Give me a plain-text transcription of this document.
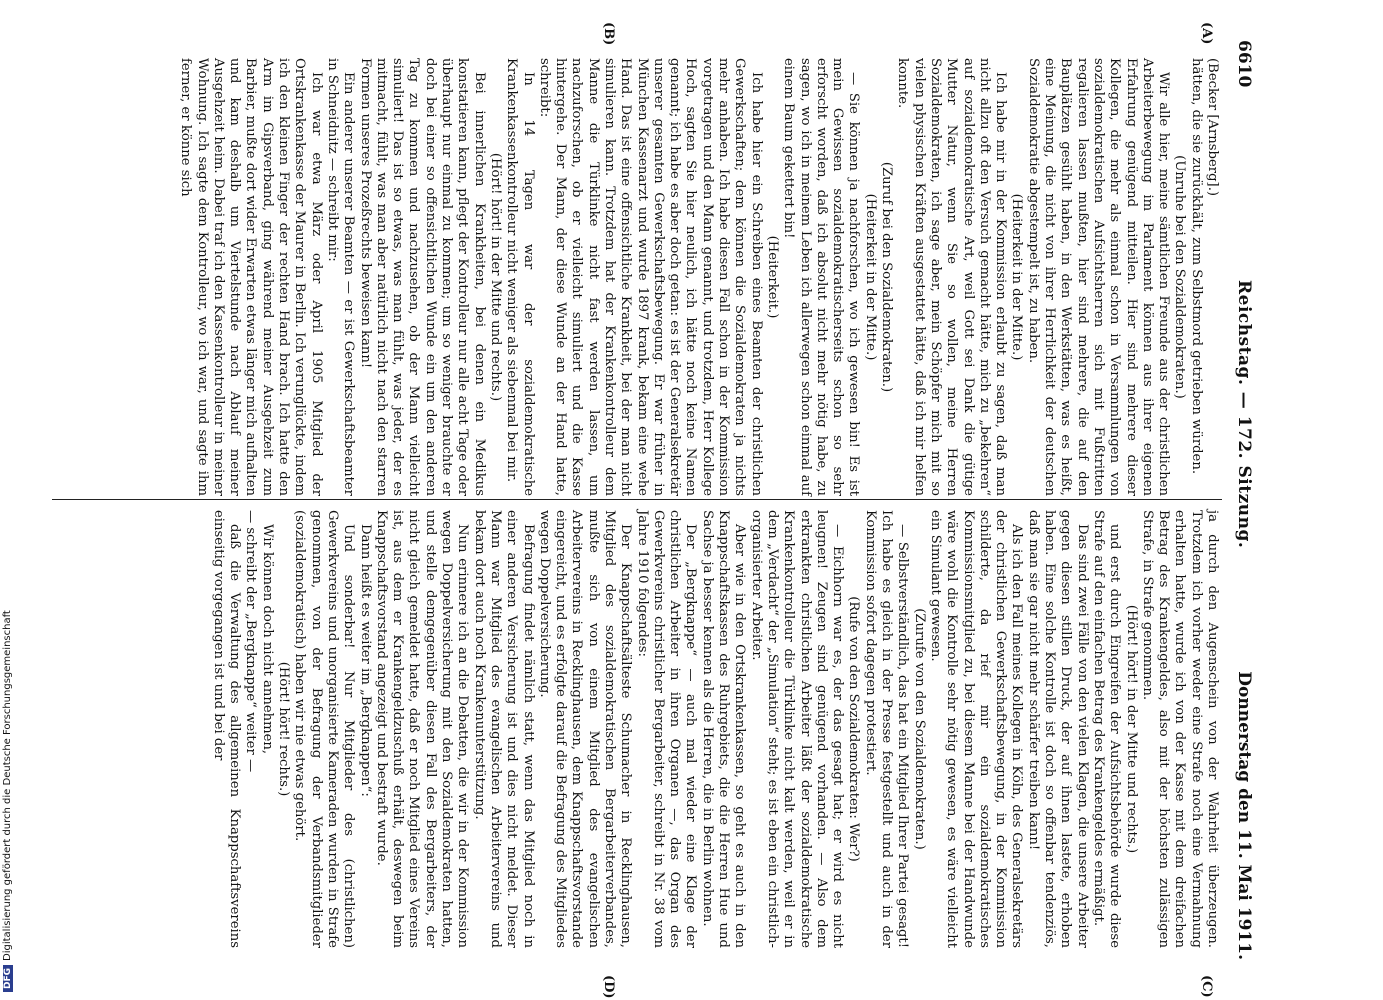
6610
Reichstag. — 172. Sitzung.
Donnerstag den 11. Mai 1911.
(A)
(B)
(C)
(D)

(Becker [Arnsberg].)

hätten, die sie zurückhält, zum Selbstmord getrieben würden.

(Unruhe bei den Sozialdemokraten.)

Wir alle hier, meine sämtlichen Freunde aus der christlichen Arbeiterbewegung im Parlament können aus ihrer eigenen Erfahrung genügend mitteilen. Hier sind mehrere dieser Kollegen, die mehr als einmal schon in Versammlungen von sozialdemokratischen Aufsichtsherren sich mit Fußtritten regalieren lassen mußten, hier sind mehrere, die auf den Bauplätzen gesühlt haben, in den Werkstätten, was es heißt, eine Meinung, die nicht von ihrer Herrlichkeit der deutschen Sozialdemokratie abgestempelt ist, zu haben.

(Heiterkeit in der Mitte.)

Ich habe mir in der Kommission erlaubt zu sagen, daß man nicht allzu oft den Versuch gemacht hätte, mich zu „bekehren“ auf sozialdemokratische Art, weil Gott sei Dank die gütige Mutter Natur, wenn Sie so wollen, meine Herren Sozialdemokraten, ich sage aber, mein Schöpfer mich mit so vielen physischen Kräften ausgestattet hätte, daß ich mir helfen konnte.

(Zuruf bei den Sozialdemokraten.)

(Heiterkeit in der Mitte.)

— Sie können ja nachforschen, wo ich gewesen bin! Es ist mein Gewissen sozialdemokratischerseits schon so sehr erforscht worden, daß ich absolut nicht mehr nötig habe, zu sagen, wo ich in meinem Leben ich allerwegen schon einmal auf einem Baum gekettert bin!

(Heiterkeit.)

Ich habe hier ein Schreiben eines Beamten der christlichen Gewerkschaften; dem können die Sozialdemokraten ja nichts mehr anhaben. Ich habe diesen Fall schon in der Kommission vorgetragen und den Mann genannt, und trotzdem, Herr Kollege Hoch, sagten Sie hier neulich, ich hätte noch keine Namen genannt; ich habe es aber doch getan: es ist der Generalsekretär unserer gesamten Gewerkschaftsbewegung. Er war früher in München Kassenarzt und wurde 1897 krank, bekam eine wehe Hand. Das ist eine offensichtliche Krankheit, bei der man nicht simulieren kann. Trotzdem hat der Krankenkontrolleur dem Manne die Türklinke nicht fast werden lassen, um nachzuforschen, ob er vielleicht simuliert und die Kasse hintergehe. Der Mann, der diese Wunde an der Hand hatte, schreibt:

In 14 Tagen war der sozialdemokratische Krankenkassenkontrolleur nicht weniger als siebenmal bei mir.

(Hört! hört! in der Mitte und rechts.)

Bei innerlichen Krankheiten, bei denen ein Medikus konstatieren kann, pflegt der Kontrolleur nur alle acht Tage oder überhaupt nur einmal zu kommen; um so weniger brauchte er doch bei einer so offensichtlichen Wunde ein um den anderen Tag zu kommen und nachzusehen, ob der Mann vielleicht simuliert! Das ist so etwas, was man fühlt, was jeder, der es mitmacht, fühlt, was man aber natürlich nicht nach den starren Formen unseres Prozeßrechts beweisen kann!

Ein anderer unserer Beamten — er ist Gewerkschaftsbeamter in Schneidnitz — schreibt mir:

Ich war etwa März oder April 1905 Mitglied der Ortskrankenkasse der Maurer in Berlin. Ich verunglückte, indem ich den kleinen Finger der rechten Hand brach. Ich hatte den Arm im Gipsverband, ging während meiner Ausgehzeit zum Barbier, mußte dort wider Erwarten etwas länger mich aufhalten und kam deshalb um Viertelstunde nach Ablauf meiner Ausgehzeit heim. Dabei traf ich den Kassenkontrolleur in meiner Wohnung. Ich sagte dem Kontrolleur, wo ich war, und sagte ihm ferner, er könne sich

ja durch den Augenschein von der Wahrheit überzeugen. Trotzdem ich vorher weder eine Strafe noch eine Vermahnung erhalten hatte, wurde ich von der Kasse mit dem dreifachen Betrag des Krankengeldes, also mit der höchsten zulässigen Strafe, in Strafe genommen.

(Hört! hört! in der Mitte und rechts.)

und erst durch Eingreifen der Aufsichtsbehörde wurde diese Strafe auf den einfachen Betrag des Krankengeldes ermäßigt.

Das sind zwei Fälle von den vielen Klagen, die unsere Arbeiter gegen diesen stillen Druck, der auf ihnen lastete, erhoben haben. Eine solche Kontrolle ist doch so offenbar tendenziös, daß man sie gar nicht mehr schärfer treiben kann!

Als ich den Fall meines Kollegen in Köln, des Generalsekretärs der christlichen Gewerkschaftsbewegung, in der Kommission schilderte, da rief mir ein sozialdemokratisches Kommissionsmitglied zu, bei diesem Manne bei der Handwunde wäre wohl die Kontrolle sehr nötig gewesen, es wäre vielleicht ein Simulant gewesen.

(Zurufe von den Sozialdemokraten.)

— Selbstverständlich, das hat ein Mitglied Ihrer Partei gesagt! Ich habe es gleich in der Presse festgestellt und auch in der Kommission sofort dagegen protestiert.

(Rufe von den Sozialdemokraten: Wer?)

— Eichhorn war es, der das gesagt hat; er wird es nicht leugnen! Zeugen sind genügend vorhanden. — Also dem erkrankten christlichen Arbeiter läßt der sozialdemokratische Krankenkontrolleur die Türklinke nicht kalt werden, weil er in dem „Verdacht“ der „Simulation“ steht; es ist eben ein christlich-organisierter Arbeiter.

Aber wie in den Ortskrankenkassen, so geht es auch in den Knappschaftskassen des Ruhrgebiets, die die Herren Hue und Sachse ja besser kennen als die Herren, die in Berlin wohnen.

Der „Bergknappe“ — auch mal wieder eine Klage der christlichen Arbeiter in ihren Organen —, das Organ des Gewerkvereins christlicher Bergarbeiter, schreibt in Nr. 38 vom Jahre 1910 folgendes:

Der Knappschaftsälteste Schumacher in Recklinghausen, Mitglied des sozialdemokratischen Bergarbeiterverbandes, mußte sich von einem Mitglied des evangelischen Arbeitervereins in Recklinghausen, dem Knappschaftsvorstande eingereicht, und es erfolgte darauf die Befragung des Mitgliedes wegen Doppelversicherung.

Befragung findet nämlich statt, wenn das Mitglied noch in einer anderen Versicherung ist und dies nicht meldet. Dieser Mann war Mitglied des evangelischen Arbeitervereins und bekam dort auch noch Krankenunterstützung.

Nun erinnere ich an die Debatten, die wir in der Kommission wegen Doppelversicherung mit den Sozialdemokraten hatten, und stelle demgegenüber diesen Fall des Bergarbeiters, der nicht gleich gemeldet hatte, daß er noch Mitglied eines Vereins ist, aus dem er Krankengeldzuschuß erhält, deswegen beim Knappschaftsvorstand angezeigt und bestraft wurde.

Dann heißt es weiter im „Bergknappen“:

Und sonderbar! Nur Mitglieder des (christlichen) Gewerkvereins und unorganisierte Kameraden wurden in Strafe genommen, von der Befragung der Verbandsmitglieder (sozialdemokratisch) haben wir nie etwas gehört.

(Hört! hört! rechts.)

Wir können doch nicht annehmen,

— schreibt der „Bergknappe“ weiter —

daß die Verwaltung des allgemeinen Knappschaftsvereins einseitig vorgegangen ist und bei der

DFGDigitalisierung gefördert durch die Deutsche Forschungsgemeinschaft
